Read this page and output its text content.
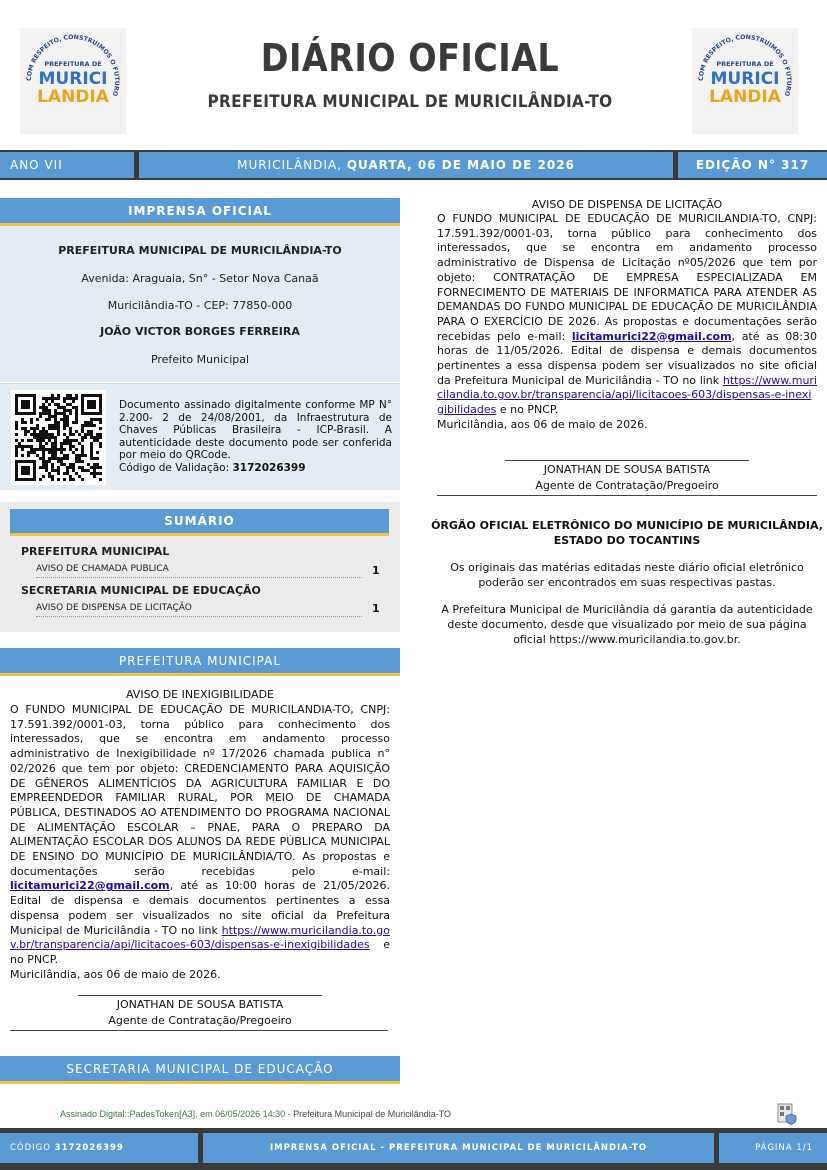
COM RESPEITO, CONSTRUIMOS O FUTURO
PREFEITURA DE
MURICI
LANDIA
DIÁRIO OFICIAL
PREFEITURA MUNICIPAL DE MURICILÂNDIA-TO
COM RESPEITO, CONSTRUIMOS O FUTURO
PREFEITURA DE
MURICI
LANDIA
ANO VII	MURICILÂNDIA, QUARTA, 06 DE MAIO DE 2026	EDIÇÃO N° 317
IMPRENSA OFICIAL
PREFEITURA MUNICIPAL DE MURICILÂNDIA-TO
Avenida: Araguaia, Sn° - Setor Nova Canaã
Muricilândia-TO - CEP: 77850-000
JOÃO VICTOR BORGES FERREIRA
Prefeito Municipal
Documento assinado digitalmente conforme MP N° 2.200- 2 de 24/08/2001, da Infraestrutura de Chaves Públicas Brasileira - ICP-Brasil. A autenticidade deste documento pode ser conferida por meio do QRCode.
Código de Validação: 3172026399
SUMÁRIO
PREFEITURA MUNICIPAL
AVISO DE CHAMADA PUBLICA	1
SECRETARIA MUNICIPAL DE EDUCAÇÃO
AVISO DE DISPENSA DE LICITAÇÃO	1
PREFEITURA MUNICIPAL
AVISO DE INEXIGIBILIDADE
O FUNDO MUNICIPAL DE EDUCAÇÃO DE MURICILANDIA-TO, CNPJ: 17.591.392/0001-03, torna público para conhecimento dos interessados, que se encontra em andamento processo administrativo de Inexigibilidade nº 17/2026 chamada publica n° 02/2026 que tem por objeto: CREDENCIAMENTO PARA AQUISIÇÃO DE GÊNEROS ALIMENTÍCIOS DA AGRICULTURA FAMILIAR E DO EMPREENDEDOR FAMILIAR RURAL, POR MEIO DE CHAMADA PÚBLICA, DESTINADOS AO ATENDIMENTO DO PROGRAMA NACIONAL DE ALIMENTAÇÃO ESCOLAR – PNAE, PARA O PREPARO DA ALIMENTAÇÃO ESCOLAR DOS ALUNOS DA REDE PÚBLICA MUNICIPAL DE ENSINO DO MUNICÍPIO DE MURICILÂNDIA/TO. As propostas e documentações serão recebidas pelo e-mail: licitamurici22@gmail.com, até as 10:00 horas de 21/05/2026. Edital de dispensa e demais documentos pertinentes a essa dispensa podem ser visualizados no site oficial da Prefeitura Municipal de Muricilândia - TO no link https://www.muricilandia.to.gov.br/transparencia/api/licitacoes-603/dispensas-e-inexigibilidades e no PNCP.
Muricilândia, aos 06 de maio de 2026.
JONATHAN DE SOUSA BATISTA
Agente de Contratação/Pregoeiro
SECRETARIA MUNICIPAL DE EDUCAÇÃO
AVISO DE DISPENSA DE LICITAÇÃO
O FUNDO MUNICIPAL DE EDUCAÇÃO DE MURICILANDIA-TO, CNPJ: 17.591.392/0001-03, torna público para conhecimento dos interessados, que se encontra em andamento processo administrativo de Dispensa de Licitação nº05/2026 que tem por objeto: CONTRATAÇÃO DE EMPRESA ESPECIALIZADA EM FORNECIMENTO DE MATERIAIS DE INFORMATICA PARA ATENDER AS DEMANDAS DO FUNDO MUNICIPAL DE EDUCAÇÃO DE MURICILÂNDIA PARA O EXERCÍCIO DE 2026. As propostas e documentações serão recebidas pelo e-mail: licitamurici22@gmail.com, até as 08:30 horas de 11/05/2026. Edital de dispensa e demais documentos pertinentes a essa dispensa podem ser visualizados no site oficial da Prefeitura Municipal de Muricilândia - TO no link https://www.muricilandia.to.gov.br/transparencia/api/licitacoes-603/dispensas-e-inexigibilidades e no PNCP.
Muricilândia, aos 06 de maio de 2026.
JONATHAN DE SOUSA BATISTA
Agente de Contratação/Pregoeiro
ÓRGÃO OFICIAL ELETRÔNICO DO MUNICÍPIO DE MURICILÂNDIA, ESTADO DO TOCANTINS
Os originais das matérias editadas neste diário oficial eletrônico poderão ser encontrados em suas respectivas pastas.
A Prefeitura Municipal de Muricilândia dá garantia da autenticidade deste documento, desde que visualizado por meio de sua página oficial https://www.muricilandia.to.gov.br.
Assinado Digital::PadesToken[A3], em 06/05/2026 14:30 - Prefeitura Municipal de Muricilândia-TO
CÓDIGO 3172026399	IMPRENSA OFICIAL - PREFEITURA MUNICIPAL DE MURICILÂNDIA-TO	PÁGINA 1/1
